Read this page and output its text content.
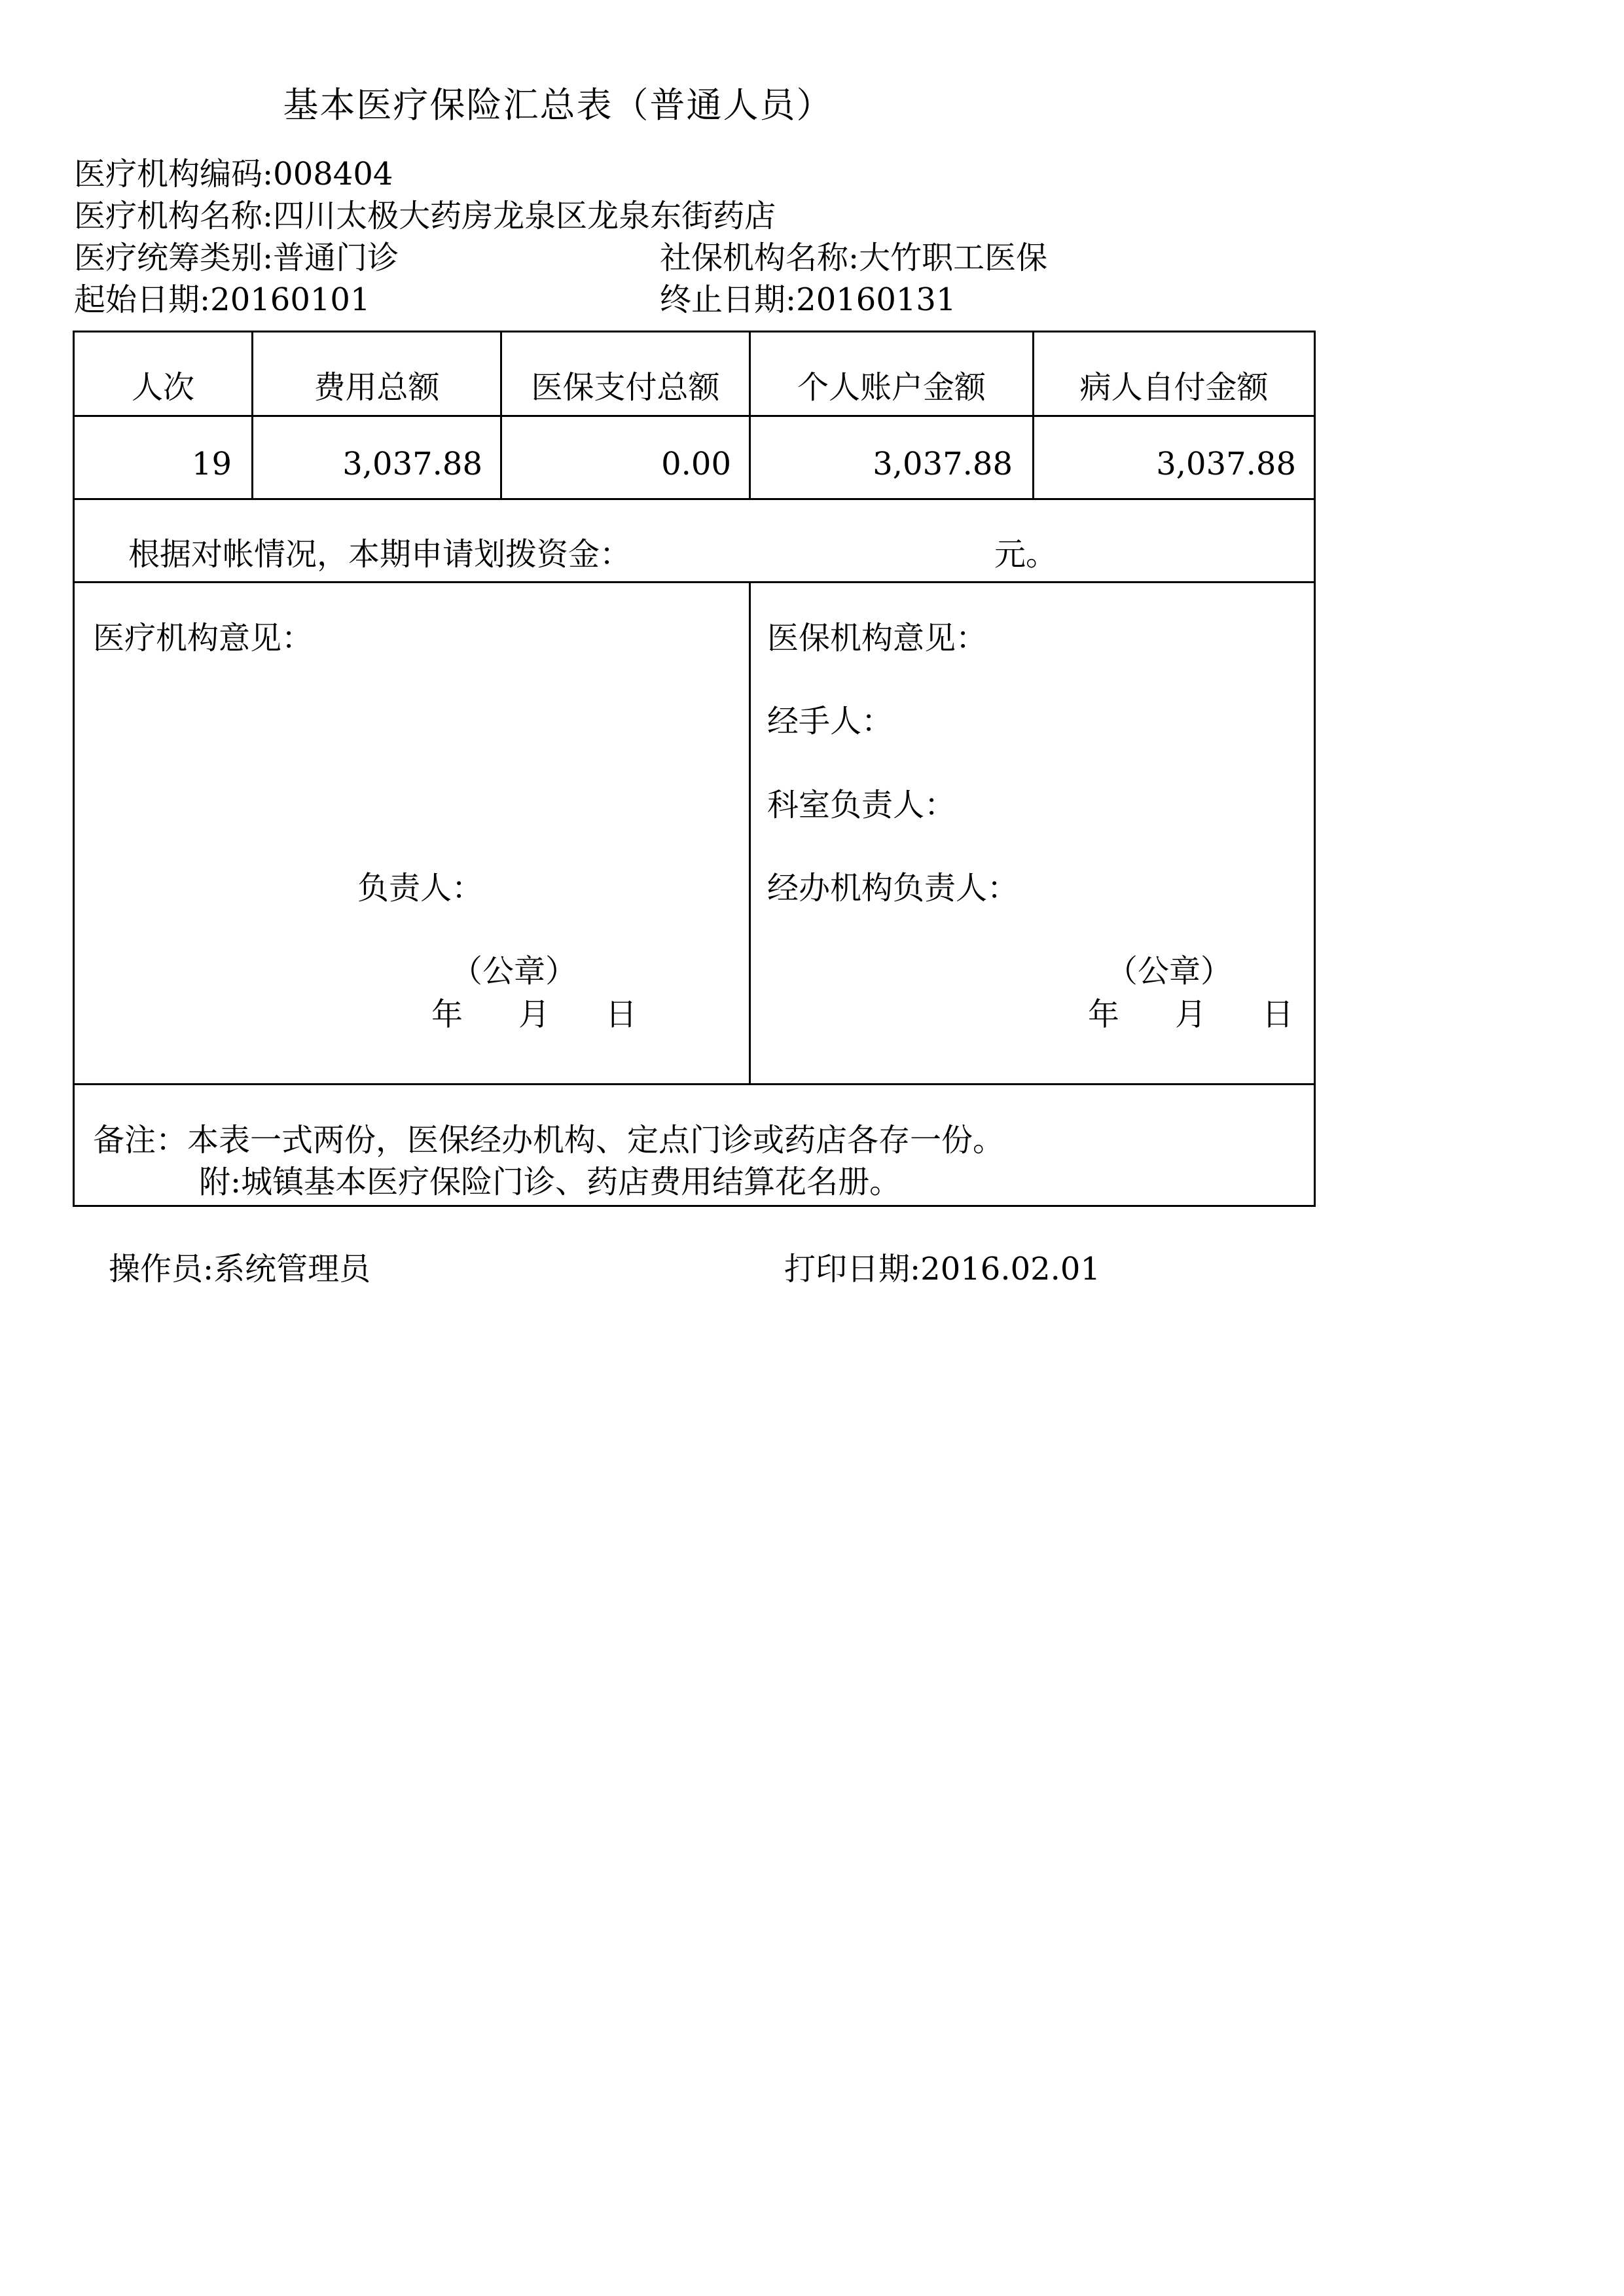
基本医疗保险汇总表（普通人员）
医疗机构编码:008404
医疗机构名称:四川太极大药房龙泉区龙泉东街药店
医疗统筹类别:普通门诊	社保机构名称:大竹职工医保
起始日期:20160101	终止日期:20160131
人次	费用总额	医保支付总额	个人账户金额	病人自付金额
19	3,037.88	0.00	3,037.88	3,037.88
根据对帐情况，本期申请划拨资金：	元。
医疗机构意见：
负责人：
（公章）
年 月 日
医保机构意见：
经手人：
科室负责人：
经办机构负责人：
（公章）
年 月 日
备注：本表一式两份，医保经办机构、定点门诊或药店各存一份。
附:城镇基本医疗保险门诊、药店费用结算花名册。
操作员:系统管理员	打印日期:2016.02.01
